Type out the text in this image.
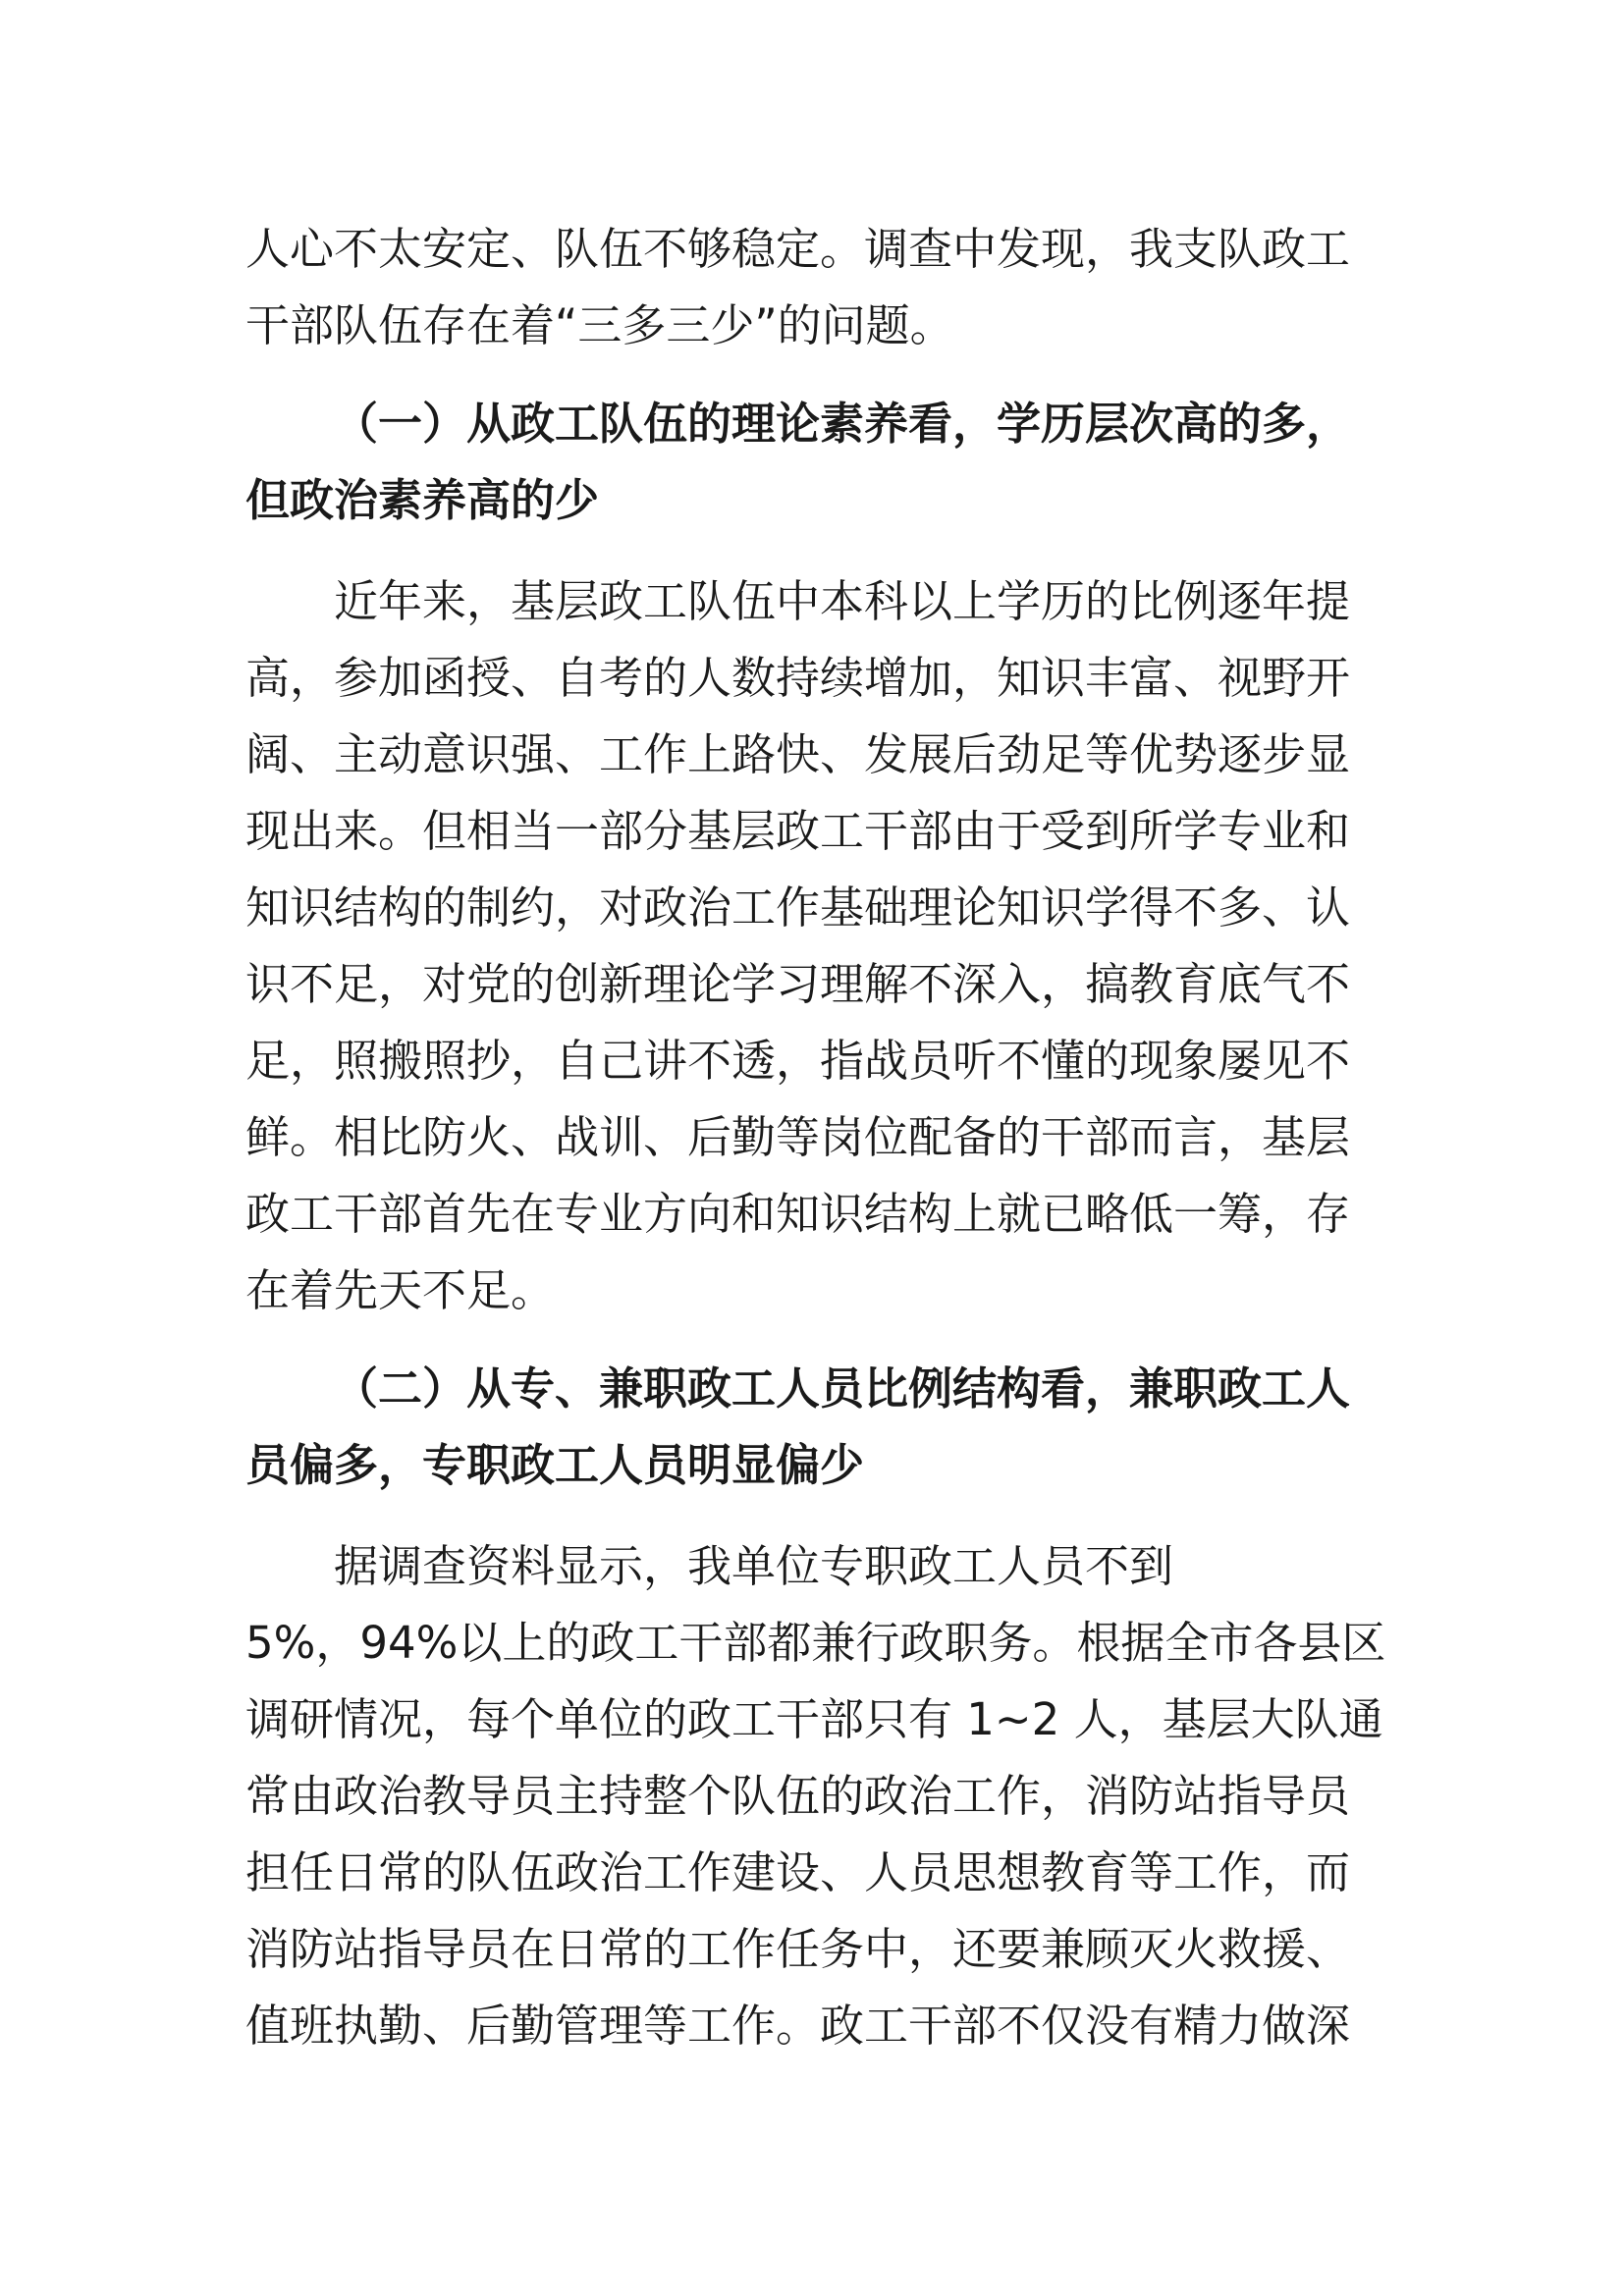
人心不太安定、队伍不够稳定。调查中发现，我支队政工
干部队伍存在着“三多三少”的问题。
（一）从政工队伍的理论素养看，学历层次高的多，
但政治素养高的少
近年来，基层政工队伍中本科以上学历的比例逐年提
高，参加函授、自考的人数持续增加，知识丰富、视野开
阔、主动意识强、工作上路快、发展后劲足等优势逐步显
现出来。但相当一部分基层政工干部由于受到所学专业和
知识结构的制约，对政治工作基础理论知识学得不多、认
识不足，对党的创新理论学习理解不深入，搞教育底气不
足，照搬照抄，自己讲不透，指战员听不懂的现象屡见不
鲜。相比防火、战训、后勤等岗位配备的干部而言，基层
政工干部首先在专业方向和知识结构上就已略低一筹，存
在着先天不足。
（二）从专、兼职政工人员比例结构看，兼职政工人
员偏多，专职政工人员明显偏少
据调查资料显示，我单位专职政工人员不到
5%，94%以上的政工干部都兼行政职务。根据全市各县区
调研情况，每个单位的政工干部只有 1~2 人，基层大队通
常由政治教导员主持整个队伍的政治工作，消防站指导员
担任日常的队伍政治工作建设、人员思想教育等工作，而
消防站指导员在日常的工作任务中，还要兼顾灭火救援、
值班执勤、后勤管理等工作。政工干部不仅没有精力做深
